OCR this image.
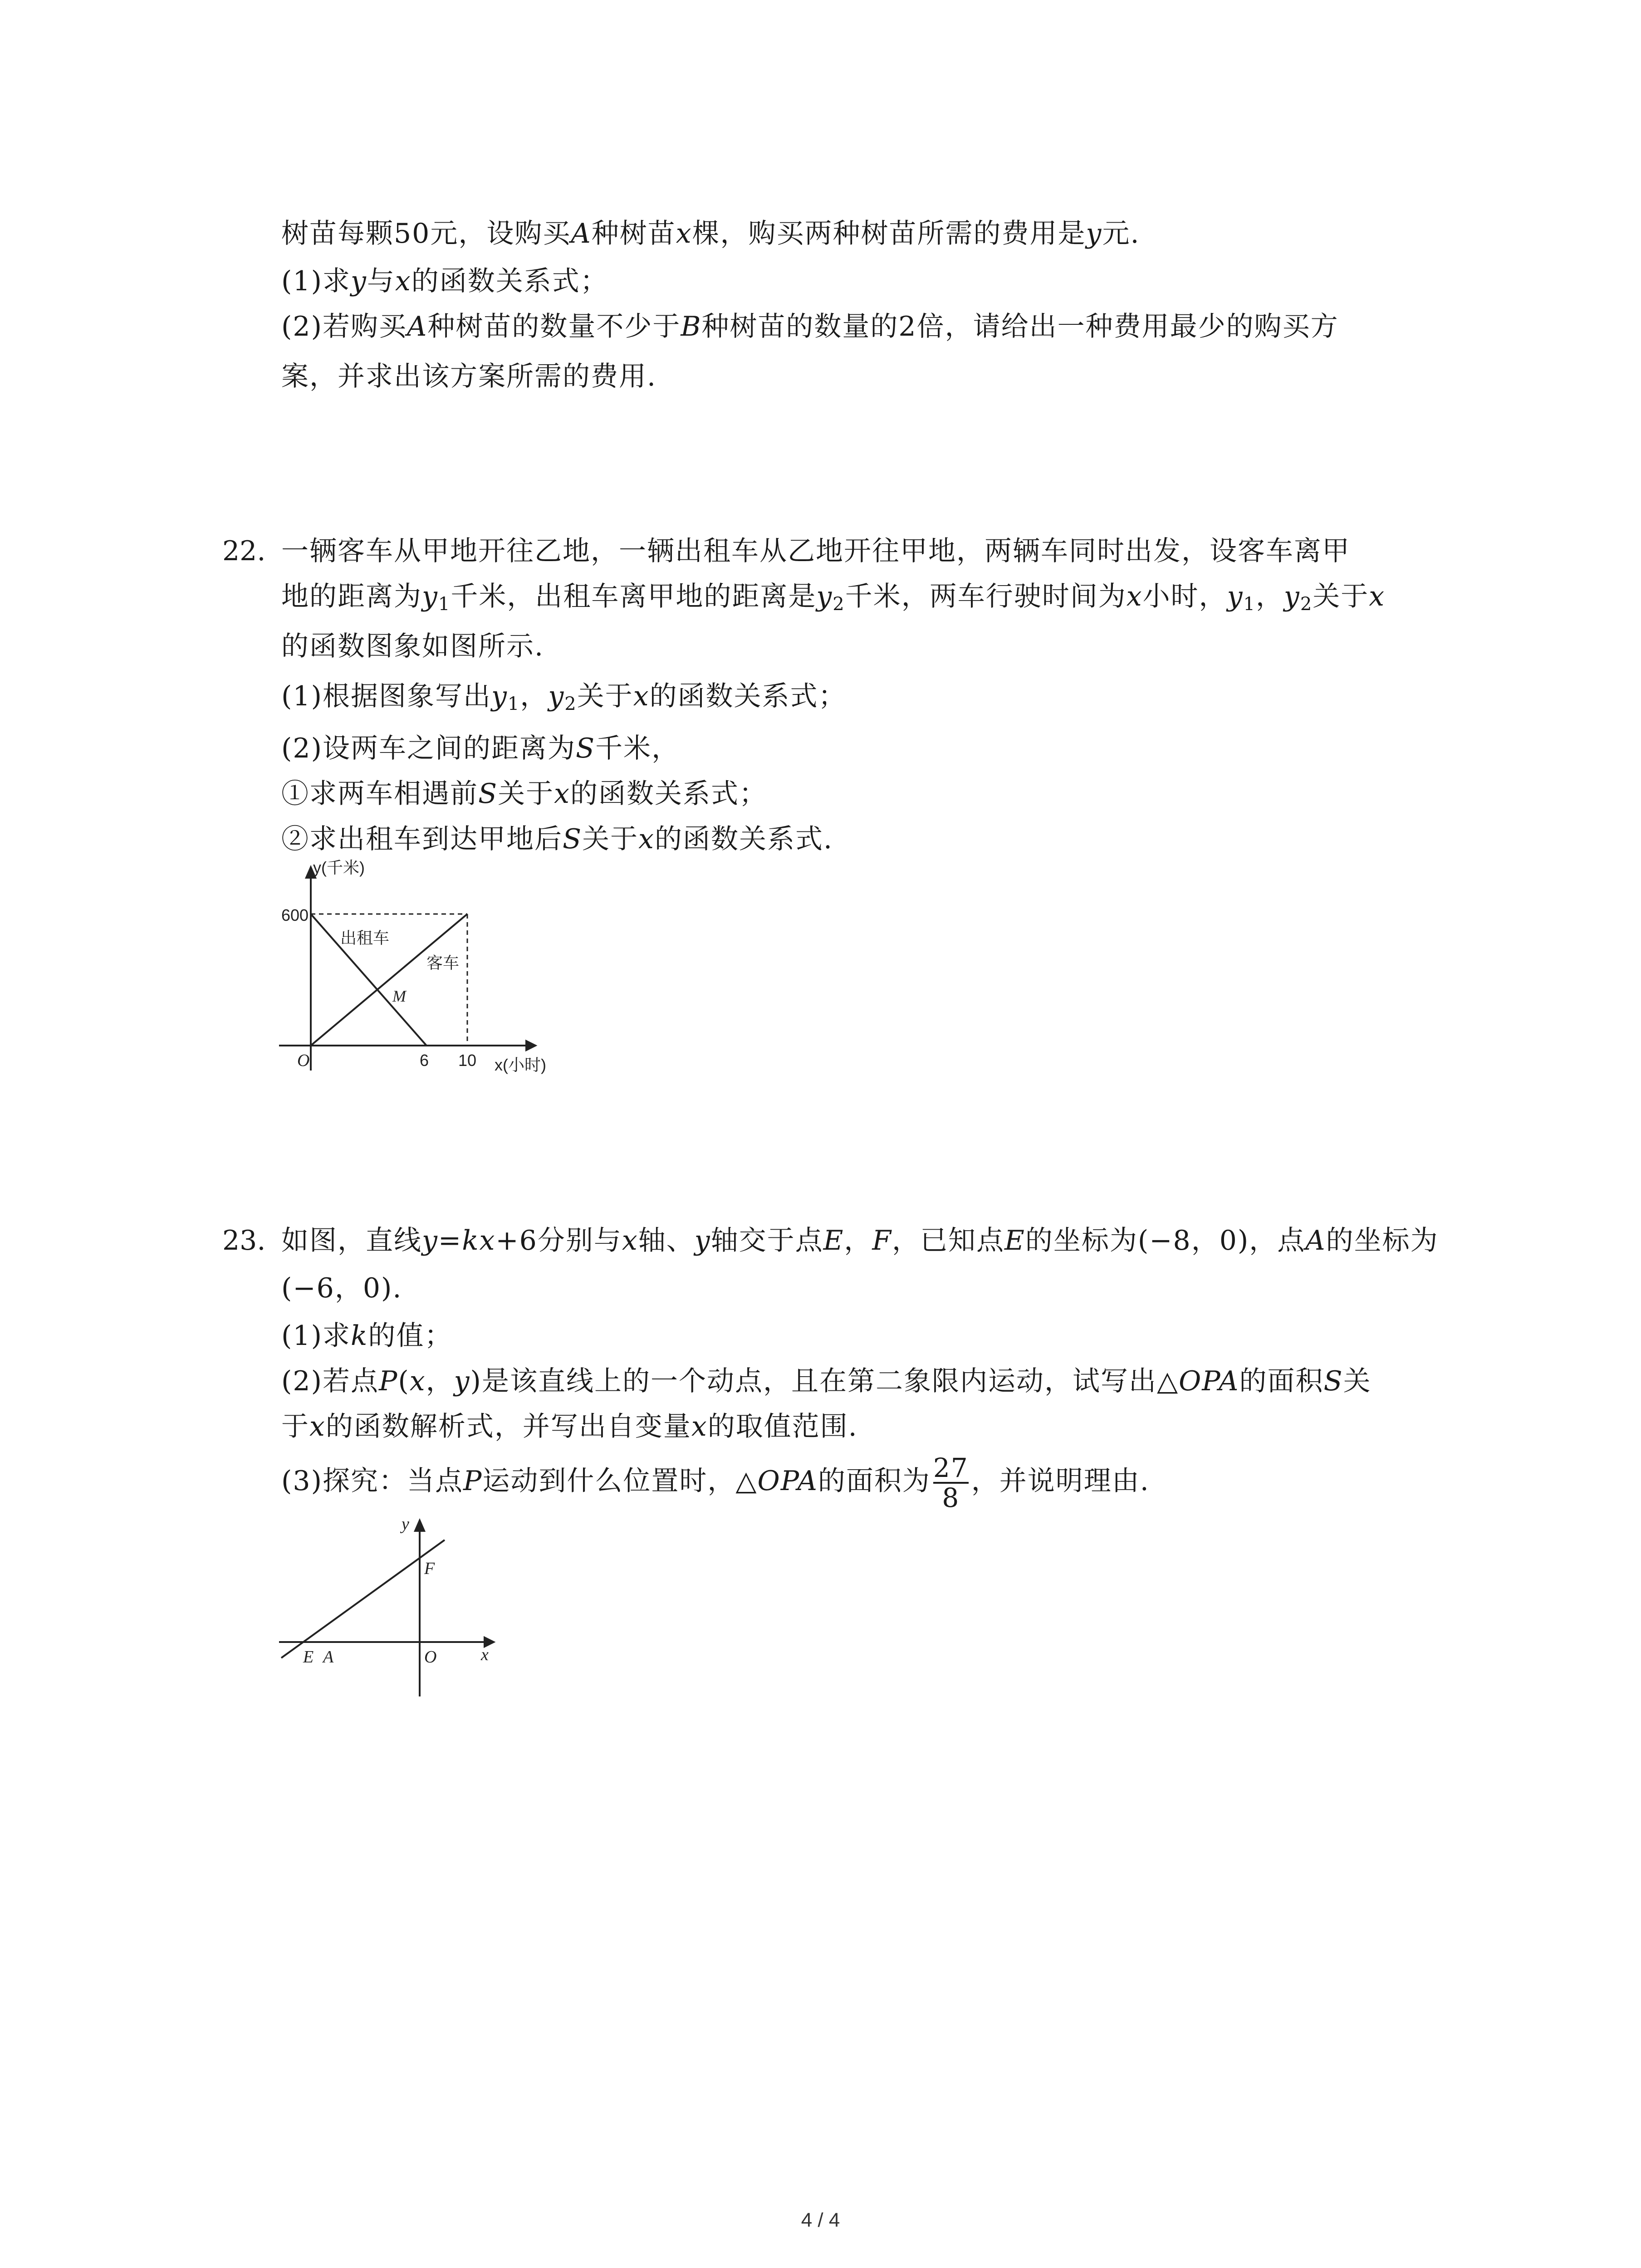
树苗每颗50元，设购买A种树苗x棵，购买两种树苗所需的费用是y元.
(1)求y与x的函数关系式；
(2)若购买A种树苗的数量不少于B种树苗的数量的2倍，请给出一种费用最少的购买方
案，并求出该方案所需的费用.
22. 一辆客车从甲地开往乙地，一辆出租车从乙地开往甲地，两辆车同时出发，设客车离甲
地的距离为$y_1$千米，出租车离甲地的距离是$y_2$千米，两车行驶时间为x小时，$y_1$，$y_2$关于x
的函数图象如图所示.
(1)根据图象写出$y_1$，$y_2$关于x的函数关系式；
(2)设两车之间的距离为S千米，
①求两车相遇前S关于x的函数关系式；
②求出租车到达甲地后S关于x的函数关系式.
y(千米)
600
O	6 10 x(小时)
出租车
客车
M
23. 如图，直线y=kx+6分别与x轴、y轴交于点E，F，已知点E的坐标为(−8，0)，点A的坐标为
(−6，0).
(1)求k的值；
(2)若点P(x，y)是该直线上的一个动点，且在第二象限内运动，试写出△OPA的面积S关
于x的函数解析式，并写出自变量x的取值范围.
(3)探究：当点P运动到什么位置时，△OPA的面积为 $\frac{27}{8}$ ，并说明理由.
y
x
F
O
E A
4 / 4
